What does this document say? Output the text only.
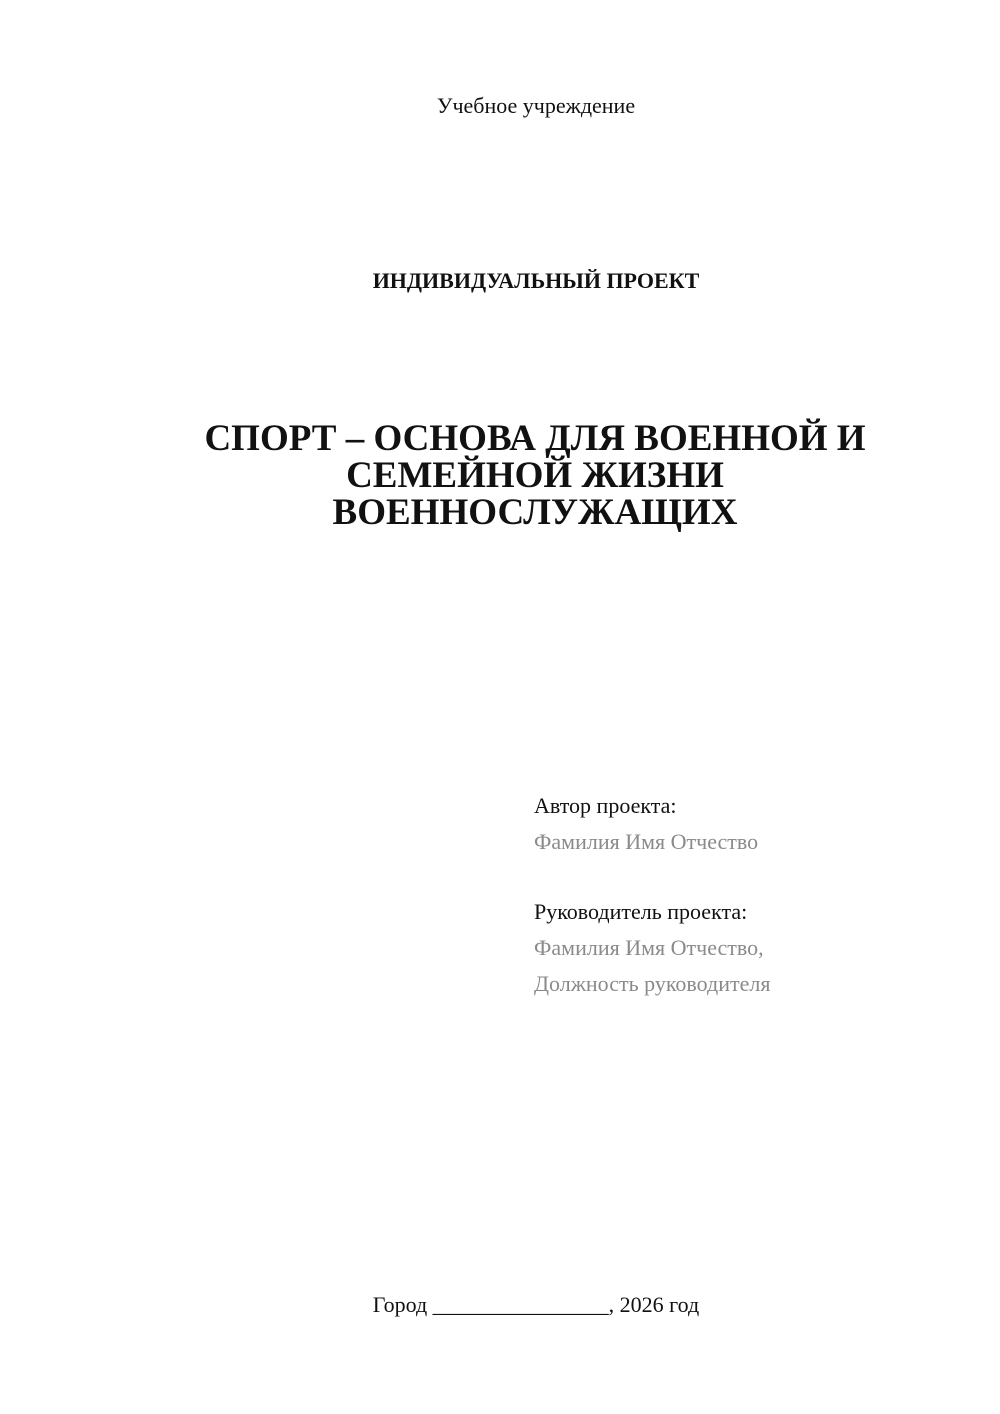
Учебное учреждение
ИНДИВИДУАЛЬНЫЙ ПРОЕКТ
СПОРТ – ОСНОВА ДЛЯ ВОЕННОЙ И
СЕМЕЙНОЙ ЖИЗНИ
ВОЕННОСЛУЖАЩИХ
Автор проекта:
Фамилия Имя Отчество
Руководитель проекта:
Фамилия Имя Отчество,
Должность руководителя
Город ________________, 2026 год
